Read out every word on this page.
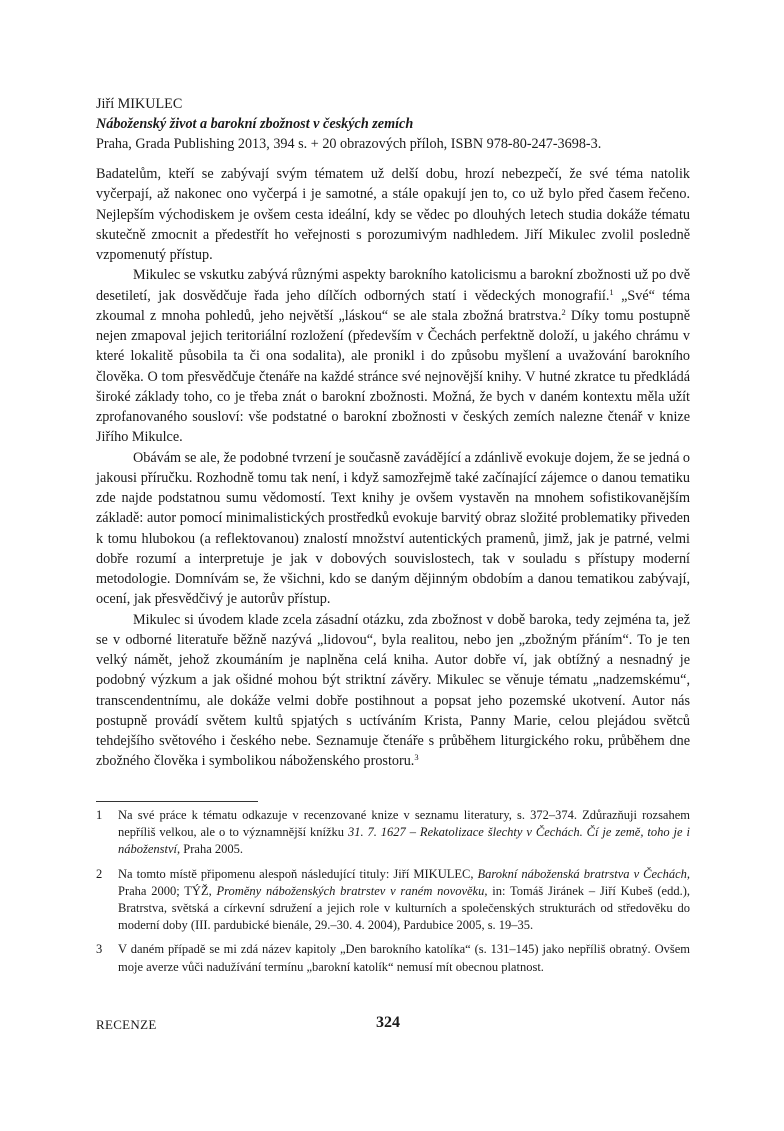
Jiří MIKULEC
Náboženský život a barokní zbožnost v českých zemích
Praha, Grada Publishing 2013, 394 s. + 20 obrazových příloh, ISBN 978-80-247-3698-3.

Badatelům, kteří se zabývají svým tématem už delší dobu, hrozí nebezpečí, že své téma natolik vyčerpají, až nakonec ono vyčerpá i je samotné, a stále opakují jen to, co už bylo před časem řečeno. Nejlepším východiskem je ovšem cesta ideální, kdy se vědec po dlouhých letech studia dokáže tématu skutečně zmocnit a předestřít ho veřejnosti s porozumivým nadhledem. Jiří Mikulec zvolil posledně vzpomenutý přístup.

Mikulec se vskutku zabývá různými aspekty barokního katolicismu a barokní zbožnosti už po dvě desetiletí, jak dosvědčuje řada jeho dílčích odborných statí i vědeckých monografií.$^1$ „Své“ téma zkoumal z mnoha pohledů, jeho největší „láskou“ se ale stala zbožná bratrstva.$^2$ Díky tomu postupně nejen zmapoval jejich teritoriální rozložení (především v Čechách perfektně doloží, u jakého chrámu v které lokalitě působila ta či ona sodalita), ale pronikl i do způsobu myšlení a uvažování barokního člověka. O tom přesvědčuje čtenáře na každé stránce své nejnovější knihy. V hutné zkratce tu předkládá široké základy toho, co je třeba znát o barokní zbožnosti. Možná, že bych v daném kontextu měla užít zprofanovaného sousloví: vše podstatné o barokní zbožnosti v českých zemích nalezne čtenář v knize Jiřího Mikulce.

Obávám se ale, že podobné tvrzení je současně zavádějící a zdánlivě evokuje dojem, že se jedná o jakousi příručku. Rozhodně tomu tak není, i když samozřejmě také začínající zájemce o danou tematiku zde najde podstatnou sumu vědomostí. Text knihy je ovšem vystavěn na mnohem sofistikovanějším základě: autor pomocí minimalistických prostředků evokuje barvitý obraz složité problematiky přiveden k tomu hlubokou (a reflektovanou) znalostí množství autentických pramenů, jimž, jak je patrné, velmi dobře rozumí a interpretuje je jak v dobových souvislostech, tak v souladu s přístupy moderní metodologie. Domnívám se, že všichni, kdo se daným dějinným obdobím a danou tematikou zabývají, ocení, jak přesvědčivý je autorův přístup.

Mikulec si úvodem klade zcela zásadní otázku, zda zbožnost v době baroka, tedy zejména ta, jež se v odborné literatuře běžně nazývá „lidovou“, byla realitou, nebo jen „zbožným přáním“. To je ten velký námět, jehož zkoumáním je naplněna celá kniha. Autor dobře ví, jak obtížný a nesnadný je podobný výzkum a jak ošidné mohou být striktní závěry. Mikulec se věnuje tématu „nadzemskému“, transcendentnímu, ale dokáže velmi dobře postihnout a popsat jeho pozemské ukotvení. Autor nás postupně provádí světem kultů spjatých s uctíváním Krista, Panny Marie, celou plejádou světců tehdejšího světového i českého nebe. Seznamuje čtenáře s průběhem liturgického roku, průběhem dne zbožného člověka i symbolikou náboženského prostoru.$^3$

1 Na své práce k tématu odkazuje v recenzované knize v seznamu literatury, s. 372–374. Zdůrazňuji rozsahem nepříliš velkou, ale o to významnější knížku 31. 7. 1627 – Rekatolizace šlechty v Čechách. Čí je země, toho je i náboženství, Praha 2005.
2 Na tomto místě připomenu alespoň následující tituly: Jiří MIKULEC, Barokní náboženská bratrstva v Čechách, Praha 2000; TÝŽ, Proměny náboženských bratrstev v raném novověku, in: Tomáš Jiránek – Jiří Kubeš (edd.), Bratrstva, světská a církevní sdružení a jejich role v kulturních a společenských strukturách od středověku do moderní doby (III. pardubické bienále, 29.–30. 4. 2004), Pardubice 2005, s. 19–35.
3 V daném případě se mi zdá název kapitoly „Den barokního katolíka“ (s. 131–145) jako nepříliš obratný. Ovšem moje averze vůči nadužívání termínu „barokní katolík“ nemusí mít obecnou platnost.
RECENZE	324
